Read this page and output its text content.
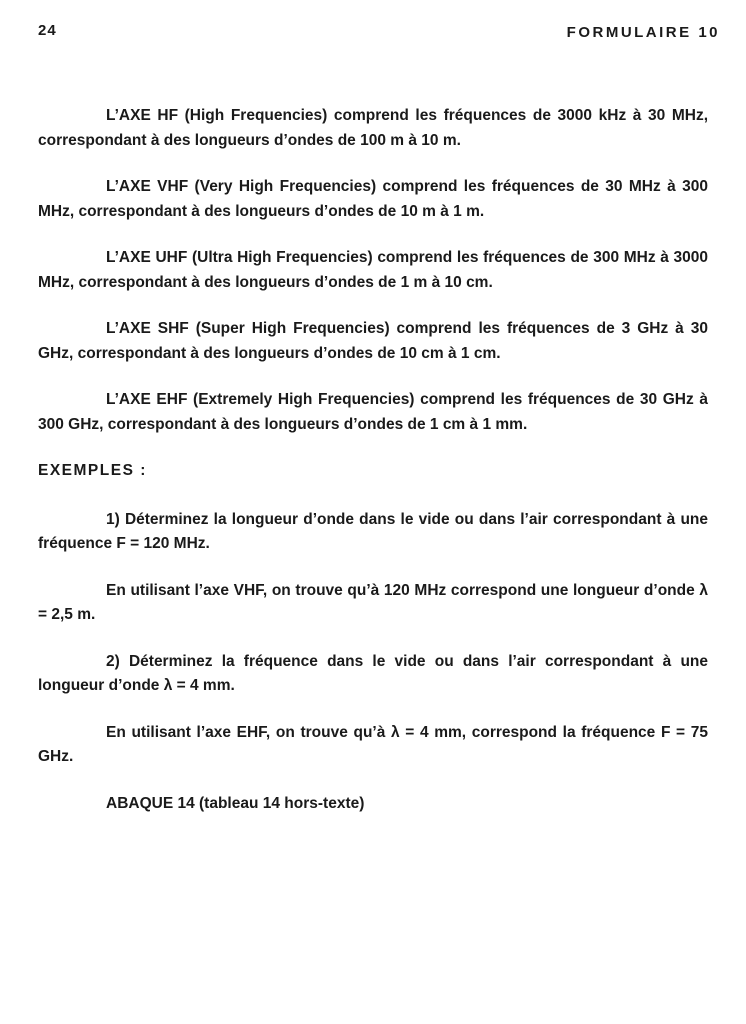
24	FORMULAIRE 10

L’AXE HF (High Frequencies) comprend les fréquences de 3000 kHz à 30 MHz, correspondant à des longueurs d’ondes de 100 m à 10 m.

L’AXE VHF (Very High Frequencies) comprend les fréquences de 30 MHz à 300 MHz, correspondant à des longueurs d’ondes de 10 m à 1 m.

L’AXE UHF (Ultra High Frequencies) comprend les fréquences de 300 MHz à 3000 MHz, correspondant à des longueurs d’ondes de 1 m à 10 cm.

L’AXE SHF (Super High Frequencies) comprend les fréquences de 3 GHz à 30 GHz, correspondant à des longueurs d’ondes de 10 cm à 1 cm.

L’AXE EHF (Extremely High Frequencies) comprend les fréquences de 30 GHz à 300 GHz, correspondant à des longueurs d’ondes de 1 cm à 1 mm.

EXEMPLES :

1) Déterminez la longueur d’onde dans le vide ou dans l’air correspondant à une fréquence F = 120 MHz.

En utilisant l’axe VHF, on trouve qu’à 120 MHz correspond une longueur d’onde λ = 2,5 m.

2) Déterminez la fréquence dans le vide ou dans l’air correspondant à une longueur d’onde λ = 4 mm.

En utilisant l’axe EHF, on trouve qu’à λ = 4 mm, correspond la fréquence F = 75 GHz.

ABAQUE 14 (tableau 14 hors-texte)
